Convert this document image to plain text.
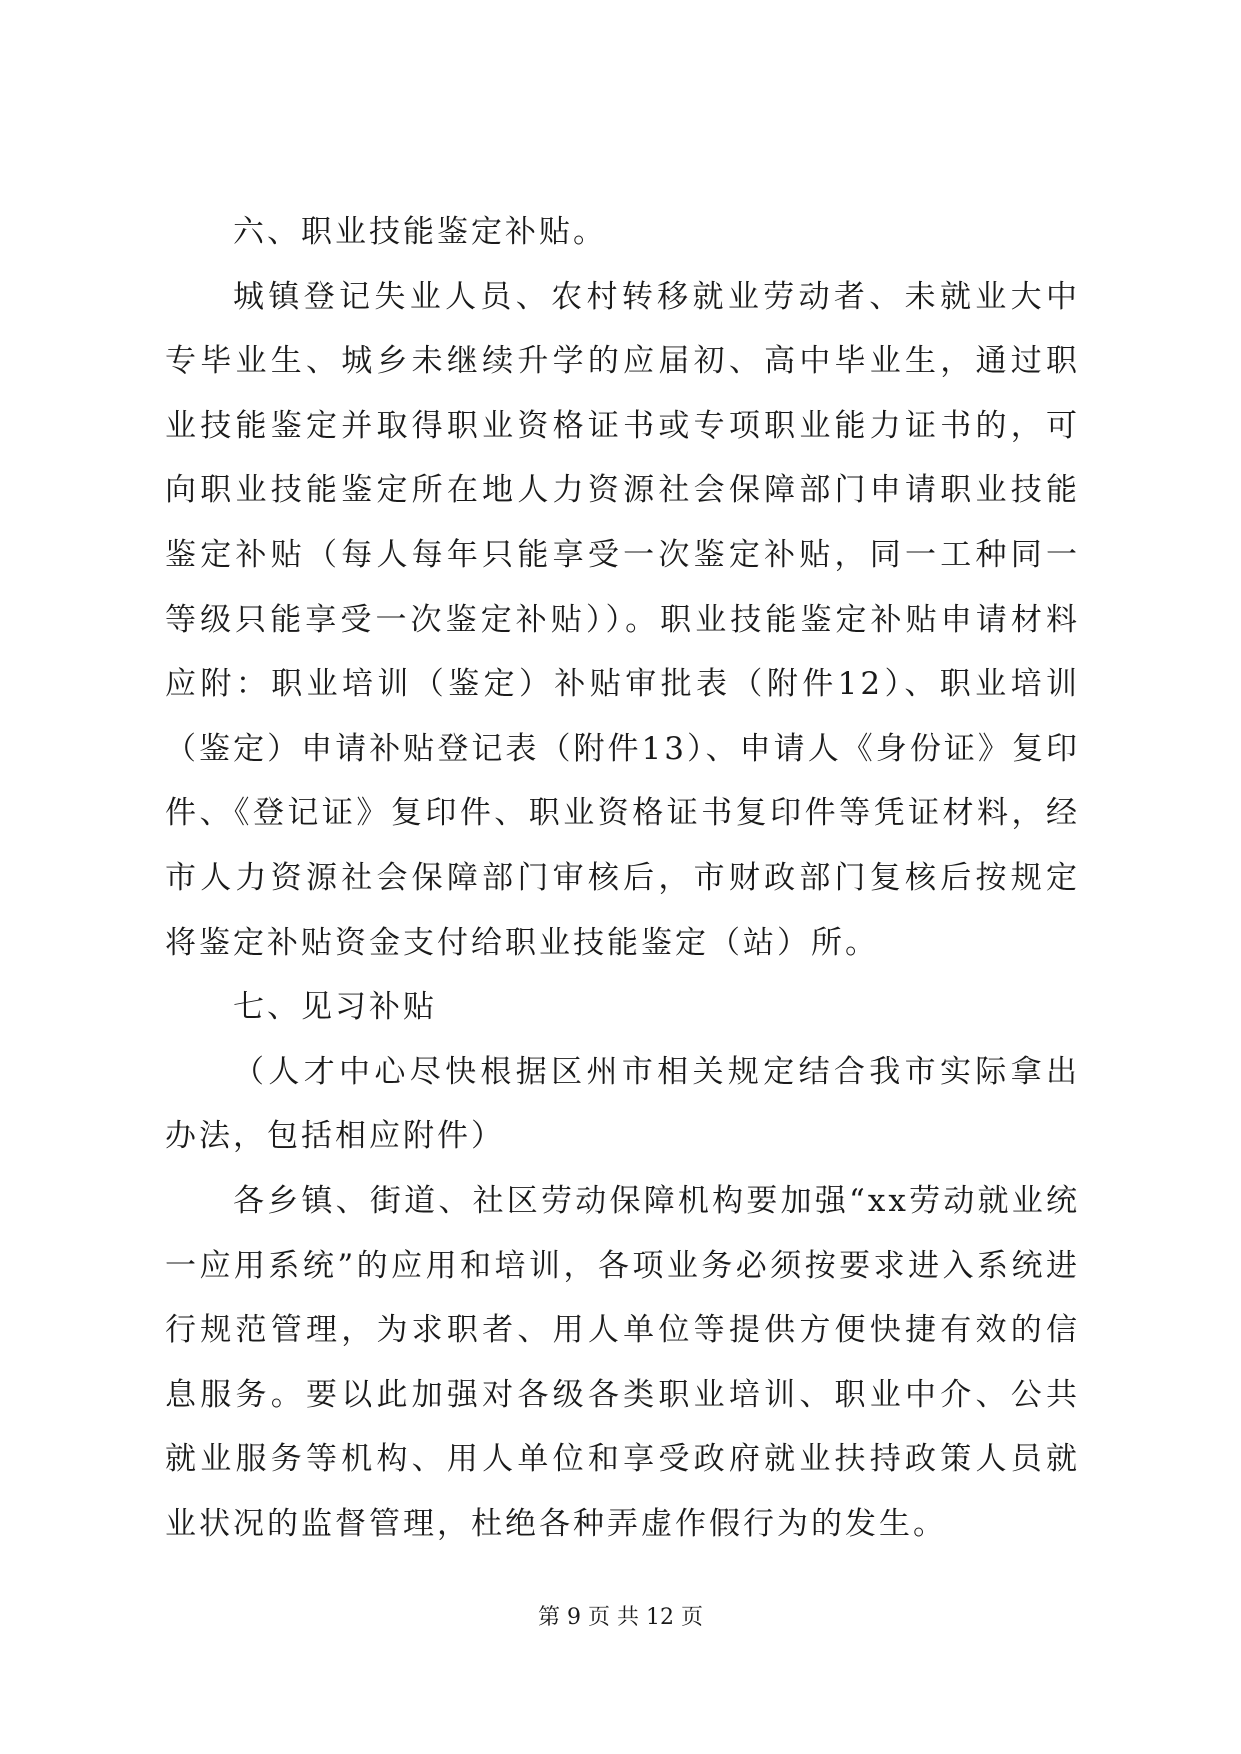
六、职业技能鉴定补贴。

城镇登记失业人员、农村转移就业劳动者、未就业大中专毕业生、城乡未继续升学的应届初、高中毕业生，通过职业技能鉴定并取得职业资格证书或专项职业能力证书的，可向职业技能鉴定所在地人力资源社会保障部门申请职业技能鉴定补贴（每人每年只能享受一次鉴定补贴，同一工种同一等级只能享受一次鉴定补贴））。职业技能鉴定补贴申请材料应附：职业培训（鉴定）补贴审批表（附件12）、职业培训（鉴定）申请补贴登记表（附件13）、申请人《身份证》复印件、《登记证》复印件、职业资格证书复印件等凭证材料，经市人力资源社会保障部门审核后，市财政部门复核后按规定将鉴定补贴资金支付给职业技能鉴定（站）所。

七、见习补贴

（人才中心尽快根据区州市相关规定结合我市实际拿出办法，包括相应附件）

各乡镇、街道、社区劳动保障机构要加强“xx劳动就业统一应用系统”的应用和培训，各项业务必须按要求进入系统进行规范管理，为求职者、用人单位等提供方便快捷有效的信息服务。要以此加强对各级各类职业培训、职业中介、公共就业服务等机构、用人单位和享受政府就业扶持政策人员就业状况的监督管理，杜绝各种弄虚作假行为的发生。

第 9 页 共 12 页
